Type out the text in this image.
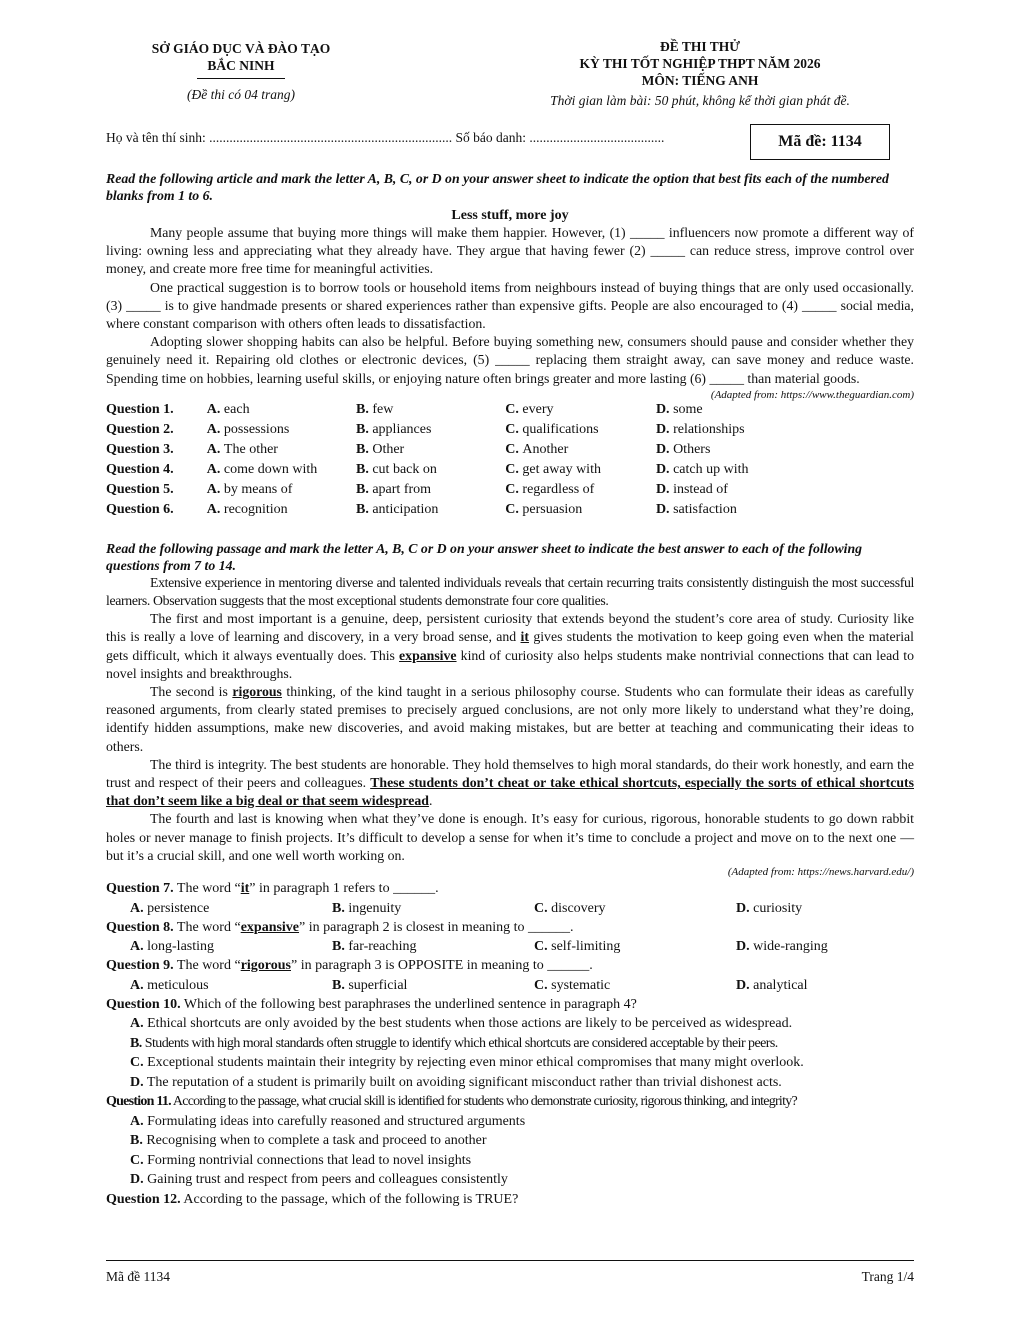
SỞ GIÁO DỤC VÀ ĐÀO TẠO
BẮC NINH
(Đề thi có 04 trang)
ĐỀ THI THỬ
KỲ THI TỐT NGHIỆP THPT NĂM 2026
MÔN: TIẾNG ANH
Thời gian làm bài: 50 phút, không kể thời gian phát đề.
Họ và tên thí sinh: ........................................................................ Số báo danh: ........................................	Mã đề: 1134
Read the following article and mark the letter A, B, C, or D on your answer sheet to indicate the option that best fits each of the numbered blanks from 1 to 6.
Less stuff, more joy

Many people assume that buying more things will make them happier. However, (1) _____ influencers now promote a different way of living: owning less and appreciating what they already have. They argue that having fewer (2) _____ can reduce stress, improve control over money, and create more free time for meaningful activities.

One practical suggestion is to borrow tools or household items from neighbours instead of buying things that are only used occasionally. (3) _____ is to give handmade presents or shared experiences rather than expensive gifts. People are also encouraged to (4) _____ social media, where constant comparison with others often leads to dissatisfaction.

Adopting slower shopping habits can also be helpful. Before buying something new, consumers should pause and consider whether they genuinely need it. Repairing old clothes or electronic devices, (5) _____ replacing them straight away, can save money and reduce waste. Spending time on hobbies, learning useful skills, or enjoying nature often brings greater and more lasting (6) _____ than material goods.

(Adapted from: https://www.theguardian.com)
Question 1.	A. each	B. few	C. every	D. some
Question 2.	A. possessions	B. appliances	C. qualifications	D. relationships
Question 3.	A. The other	B. Other	C. Another	D. Others
Question 4.	A. come down with	B. cut back on	C. get away with	D. catch up with
Question 5.	A. by means of	B. apart from	C. regardless of	D. instead of
Question 6.	A. recognition	B. anticipation	C. persuasion	D. satisfaction
Read the following passage and mark the letter A, B, C or D on your answer sheet to indicate the best answer to each of the following questions from 7 to 14.

Extensive experience in mentoring diverse and talented individuals reveals that certain recurring traits consistently distinguish the most successful learners. Observation suggests that the most exceptional students demonstrate four core qualities.

The first and most important is a genuine, deep, persistent curiosity that extends beyond the student’s core area of study. Curiosity like this is really a love of learning and discovery, in a very broad sense, and it gives students the motivation to keep going even when the material gets difficult, which it always eventually does. This expansive kind of curiosity also helps students make nontrivial connections that can lead to novel insights and breakthroughs.

The second is rigorous thinking, of the kind taught in a serious philosophy course. Students who can formulate their ideas as carefully reasoned arguments, from clearly stated premises to precisely argued conclusions, are not only more likely to understand what they’re doing, identify hidden assumptions, make new discoveries, and avoid making mistakes, but are better at teaching and communicating their ideas to others.

The third is integrity. The best students are honorable. They hold themselves to high moral standards, do their work honestly, and earn the trust and respect of their peers and colleagues. These students don’t cheat or take ethical shortcuts, especially the sorts of ethical shortcuts that don’t seem like a big deal or that seem widespread.

The fourth and last is knowing when what they’ve done is enough. It’s easy for curious, rigorous, honorable students to go down rabbit holes or never manage to finish projects. It’s difficult to develop a sense for when it’s time to conclude a project and move on to the next one — but it’s a crucial skill, and one well worth working on.

(Adapted from: https://news.harvard.edu/)

Question 7. The word “it” in paragraph 1 refers to ______.

A. persistence	B. ingenuity	C. discovery	D. curiosity

Question 8. The word “expansive” in paragraph 2 is closest in meaning to ______.

A. long-lasting	B. far-reaching	C. self-limiting	D. wide-ranging

Question 9. The word “rigorous” in paragraph 3 is OPPOSITE in meaning to ______.

A. meticulous	B. superficial	C. systematic	D. analytical

Question 10. Which of the following best paraphrases the underlined sentence in paragraph 4?

A. Ethical shortcuts are only avoided by the best students when those actions are likely to be perceived as widespread.
B. Students with high moral standards often struggle to identify which ethical shortcuts are considered acceptable by their peers.
C. Exceptional students maintain their integrity by rejecting even minor ethical compromises that many might overlook.
D. The reputation of a student is primarily built on avoiding significant misconduct rather than trivial dishonest acts.

Question 11. According to the passage, what crucial skill is identified for students who demonstrate curiosity, rigorous thinking, and integrity?

A. Formulating ideas into carefully reasoned and structured arguments
B. Recognising when to complete a task and proceed to another
C. Forming nontrivial connections that lead to novel insights
D. Gaining trust and respect from peers and colleagues consistently

Question 12. According to the passage, which of the following is TRUE?

Mã đề 1134	Trang 1/4
